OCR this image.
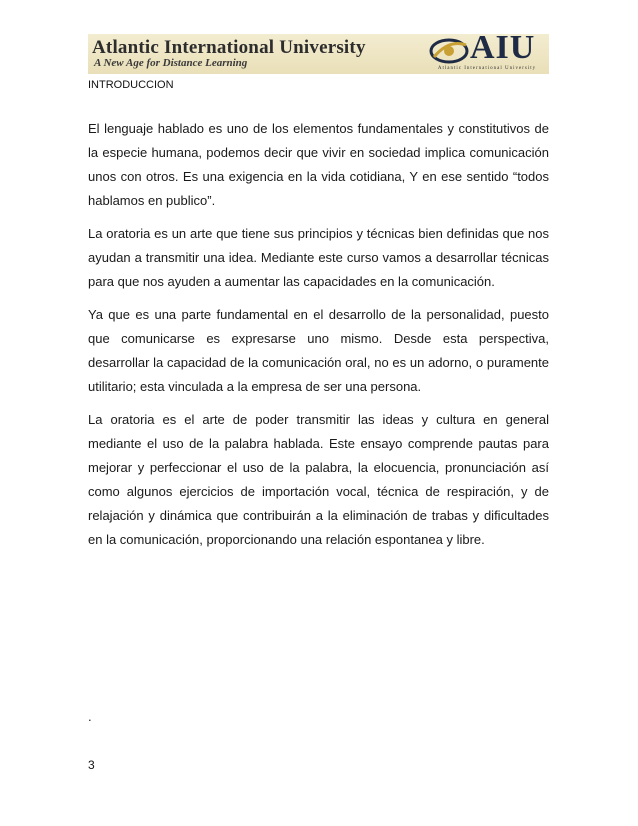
Atlantic International University
A New Age for Distance Learning	AIU
Atlantic International University
INTRODUCCION

El lenguaje hablado es uno de los elementos fundamentales y constitutivos de la especie humana, podemos decir que vivir en sociedad implica comunicación unos con otros. Es una exigencia en la vida cotidiana, Y en ese sentido “todos hablamos en publico”.

La oratoria es un arte que tiene sus principios y técnicas bien definidas que nos ayudan a transmitir una idea. Mediante este curso vamos a desarrollar técnicas para que nos ayuden a aumentar las capacidades en la comunicación.

Ya que es una parte fundamental en el desarrollo de la personalidad, puesto que comunicarse es expresarse uno mismo. Desde esta perspectiva, desarrollar la capacidad de la comunicación oral, no es un adorno, o puramente utilitario; esta vinculada a la empresa de ser una persona.

La oratoria es el arte de poder transmitir las ideas y cultura en general mediante el uso de la palabra hablada. Este ensayo comprende pautas para mejorar y perfeccionar el uso de la palabra, la elocuencia, pronunciación así como algunos ejercicios de importación vocal, técnica de respiración, y de relajación y dinámica que contribuirán a la eliminación de trabas y dificultades en la comunicación, proporcionando una relación espontanea y libre.

.
3
